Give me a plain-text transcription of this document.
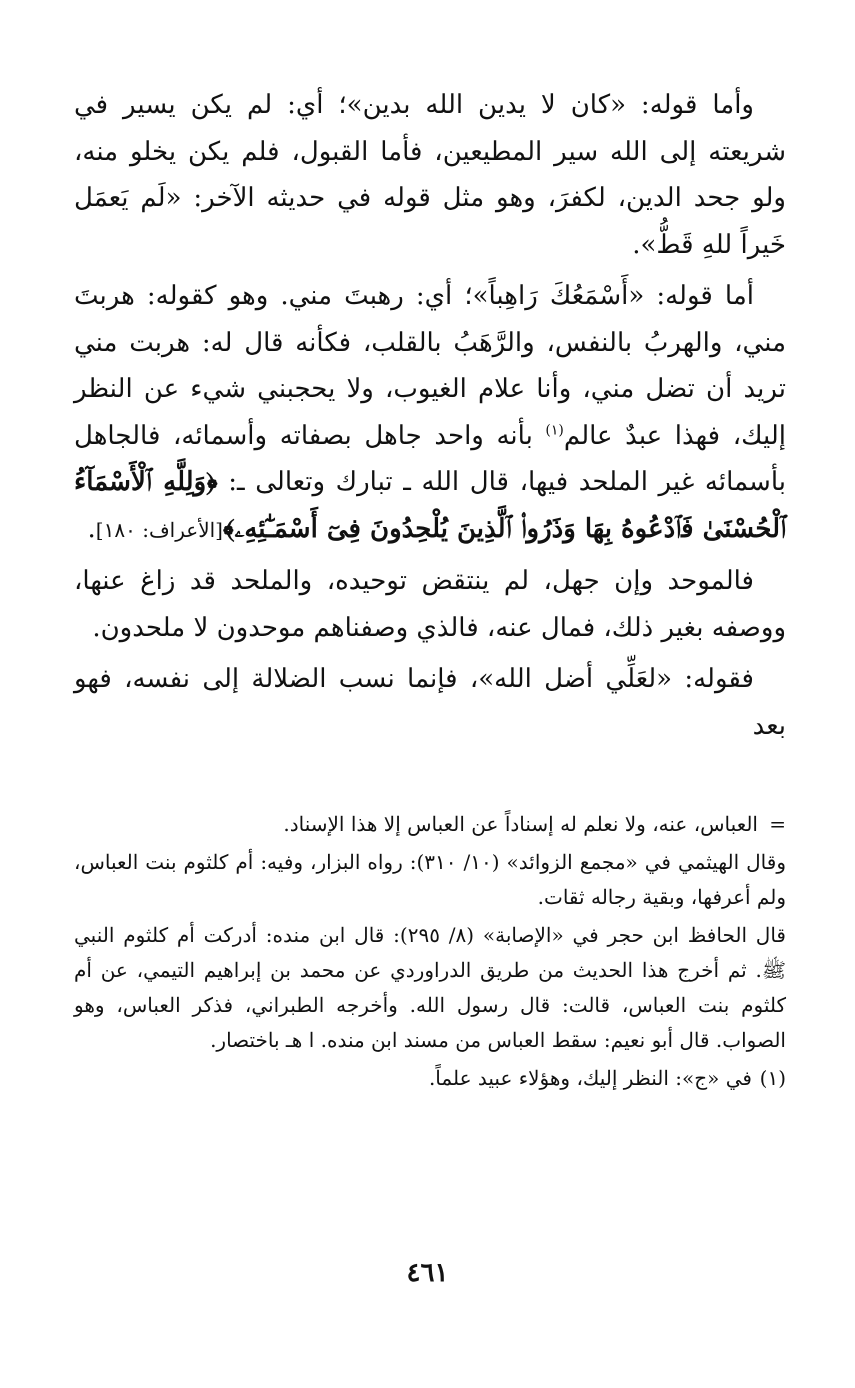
وأما قوله: «كان لا يدين الله بدين»؛ أي: لم يكن يسير في شريعته إلى الله سير المطيعين، فأما القبول، فلم يكن يخلو منه، ولو جحد الدين، لكفرَ، وهو مثل قوله في حديثه الآخر: «لَم يَعمَل خَيراً للهِ قَطُّ».

أما قوله: «أَسْمَعُكَ رَاهِباً»؛ أي: رهبتَ مني. وهو كقوله: هربتَ مني، والهربُ بالنفس، والرَّهَبُ بالقلب، فكأنه قال له: هربت مني تريد أن تضل مني، وأنا علام الغيوب، ولا يحجبني شيء عن النظر إليك، فهذا عبدٌ عالم$^{(١)}$ بأنه واحد جاهل بصفاته وأسمائه، فالجاهل بأسمائه غير الملحد فيها، قال الله ـ تبارك وتعالى ـ: ﴿وَلِلَّهِ ٱلْأَسْمَآءُ ٱلْحُسْنَىٰ فَٱدْعُوهُ بِهَا وَذَرُوا۟ ٱلَّذِينَ يُلْحِدُونَ فِىٓ أَسْمَـٰٓئِهِۦ﴾[الأعراف: ١٨٠].

فالموحد وإن جهل، لم ينتقض توحيده، والملحد قد زاغ عنها، ووصفه بغير ذلك، فمال عنه، فالذي وصفناهم موحدون لا ملحدون.

فقوله: «لعَلِّي أضل الله»، فإنما نسب الضلالة إلى نفسه، فهو بعد

=العباس، عنه، ولا نعلم له إسناداً عن العباس إلا هذا الإسناد.

وقال الهيثمي في «مجمع الزوائد» (١٠/ ٣١٠): رواه البزار، وفيه: أم كلثوم بنت العباس، ولم أعرفها، وبقية رجاله ثقات.

قال الحافظ ابن حجر في «الإصابة» (٨/ ٢٩٥): قال ابن منده: أدركت أم كلثوم النبي ﷺ. ثم أخرج هذا الحديث من طريق الدراوردي عن محمد بن إبراهيم التيمي، عن أم كلثوم بنت العباس، قالت: قال رسول الله. وأخرجه الطبراني، فذكر العباس، وهو الصواب. قال أبو نعيم: سقط العباس من مسند ابن منده. ا هـ باختصار.

(١)في «ج»: النظر إليك، وهؤلاء عبيد علماً.

٤٦١
